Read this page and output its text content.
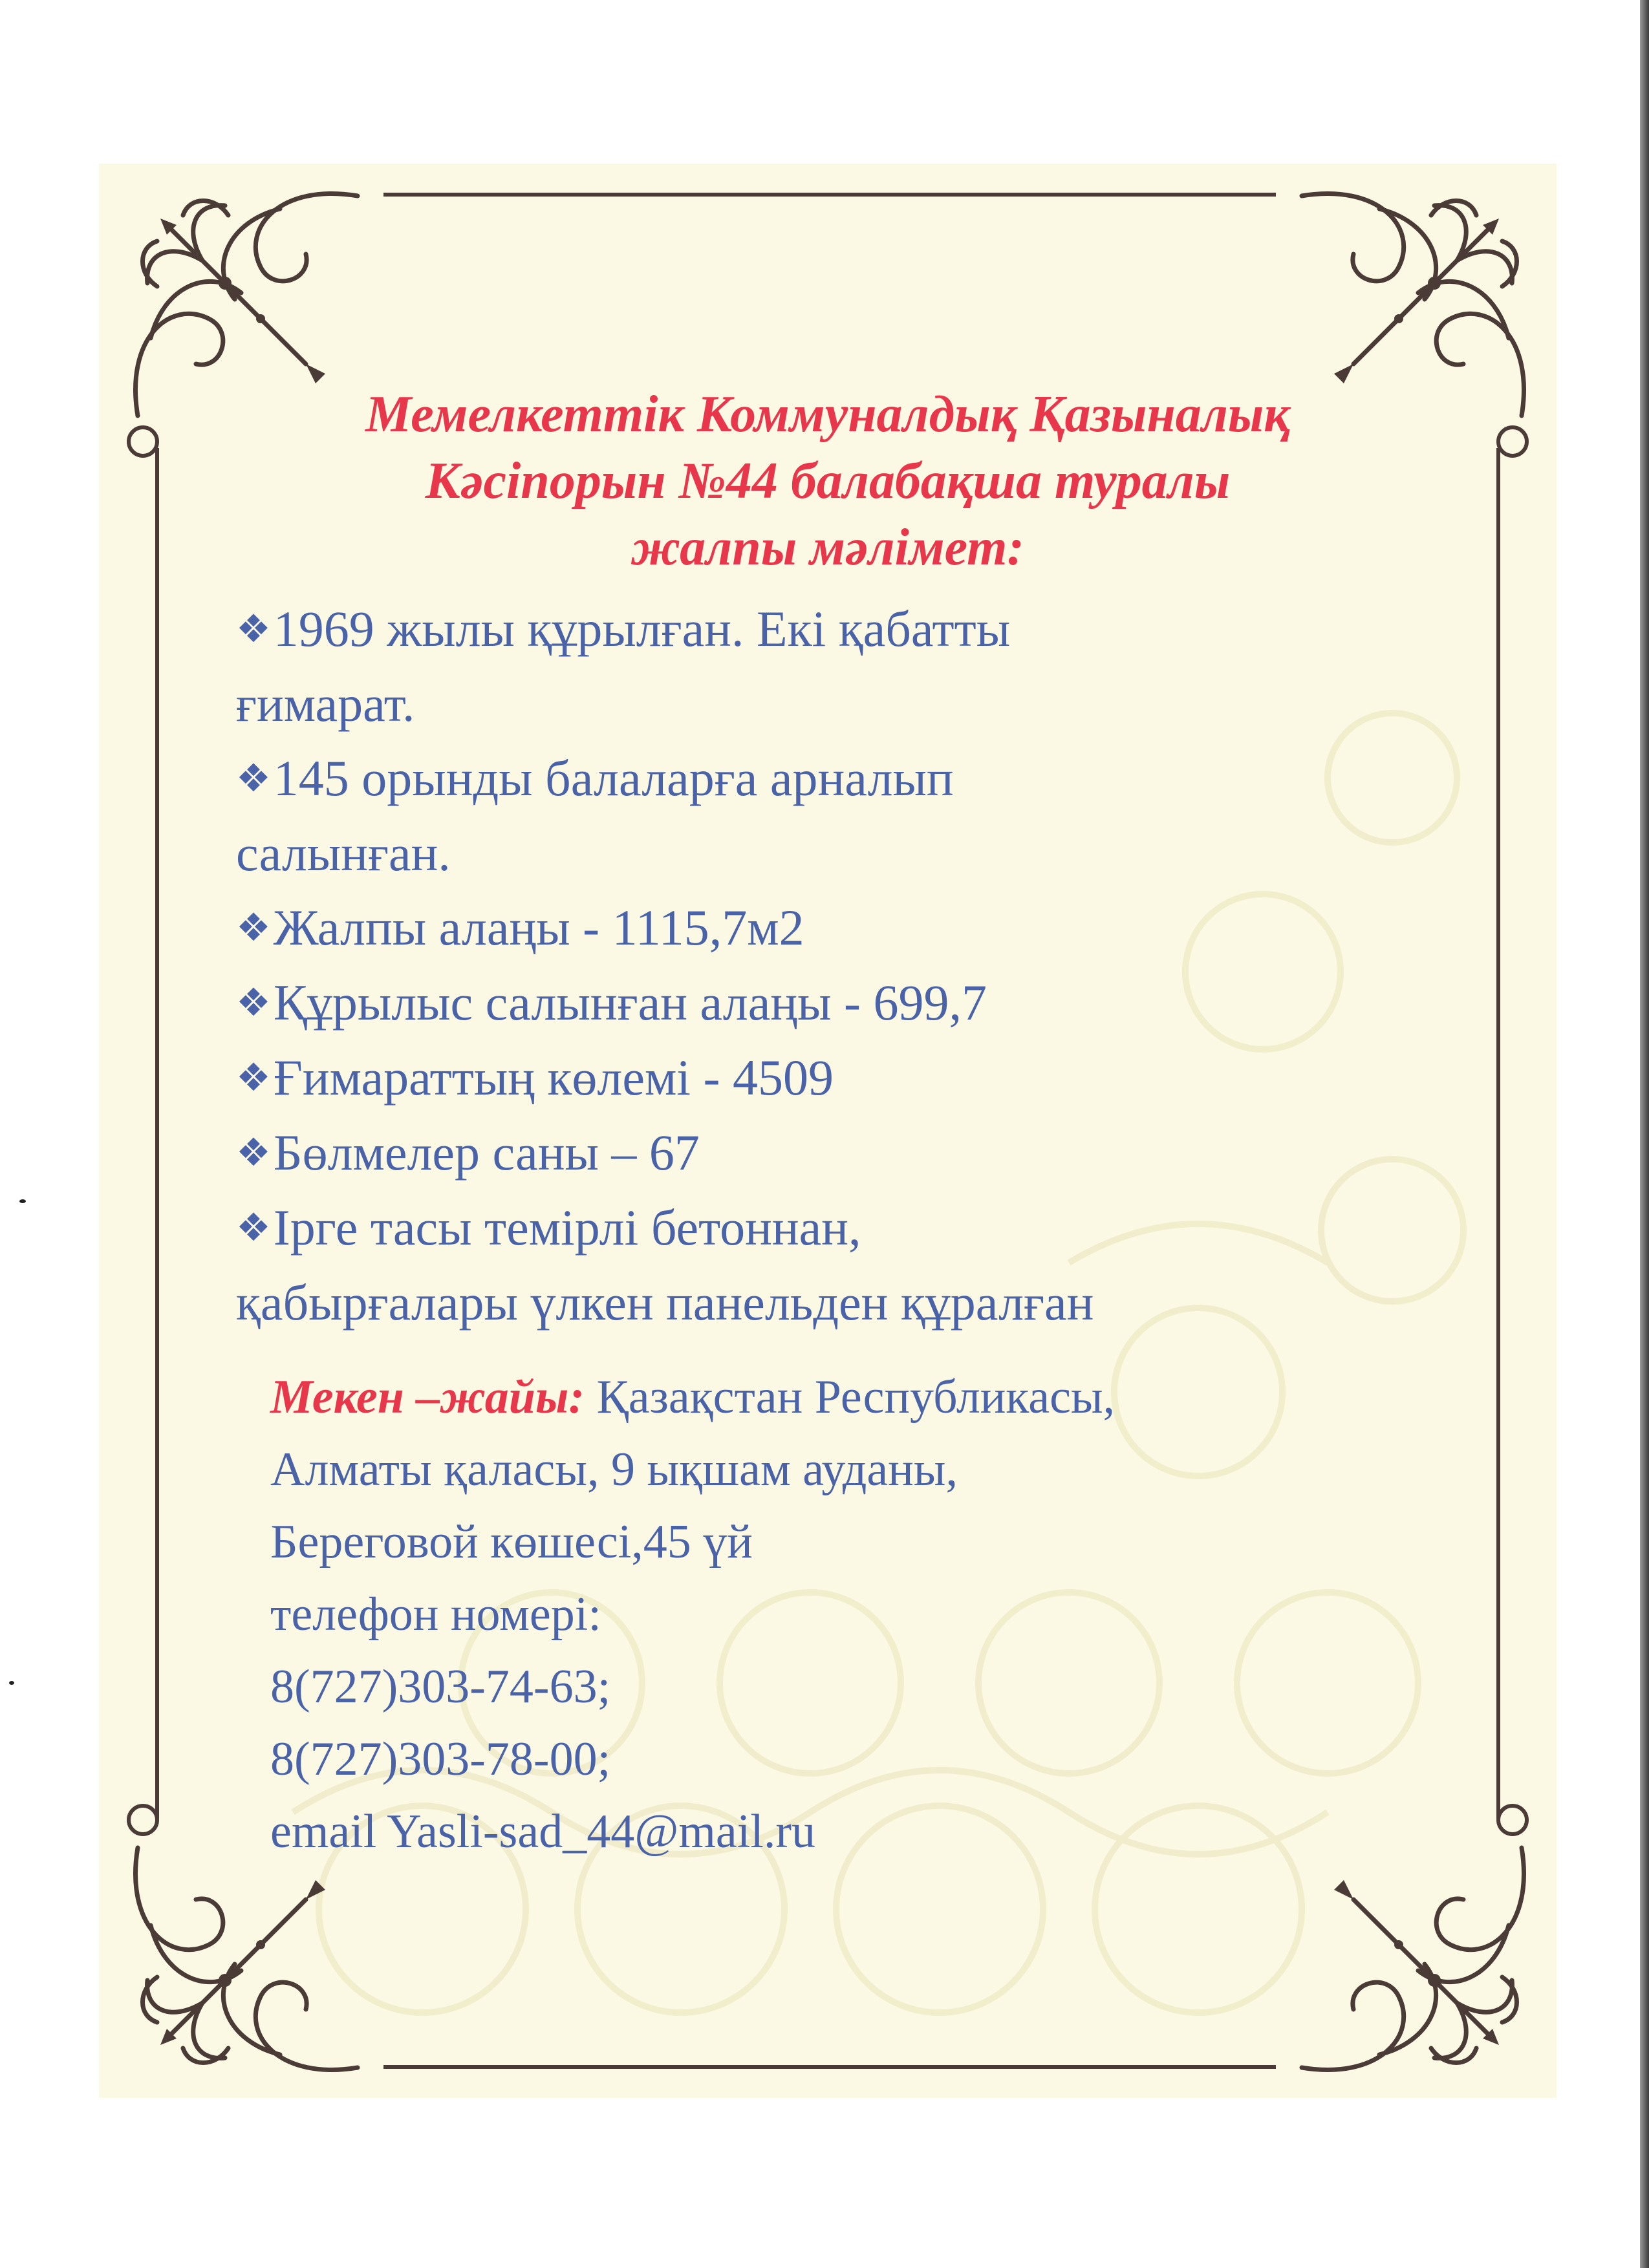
Мемелкеттік Коммуналдық Қазыналық
Кәсіпорын №44 балабақша туралы
жалпы мәлімет:
❖1969 жылы құрылған. Екі қабатты
ғимарат.
❖145 орынды балаларға арналып
салынған.
❖Жалпы алаңы - 1115,7м2
❖Құрылыс салынған алаңы - 699,7
❖Ғимараттың көлемі - 4509
❖Бөлмелер саны – 67
❖Ірге тасы темірлі бетоннан,
қабырғалары үлкен панельден құралған
Мекен –жайы: Қазақстан Республикасы,
Алматы қаласы, 9 ықшам ауданы,
Береговой көшесі,45 үй
телефон номері:
8(727)303-74-63;
8(727)303-78-00;
email Yasli-sad_44@mail.ru
